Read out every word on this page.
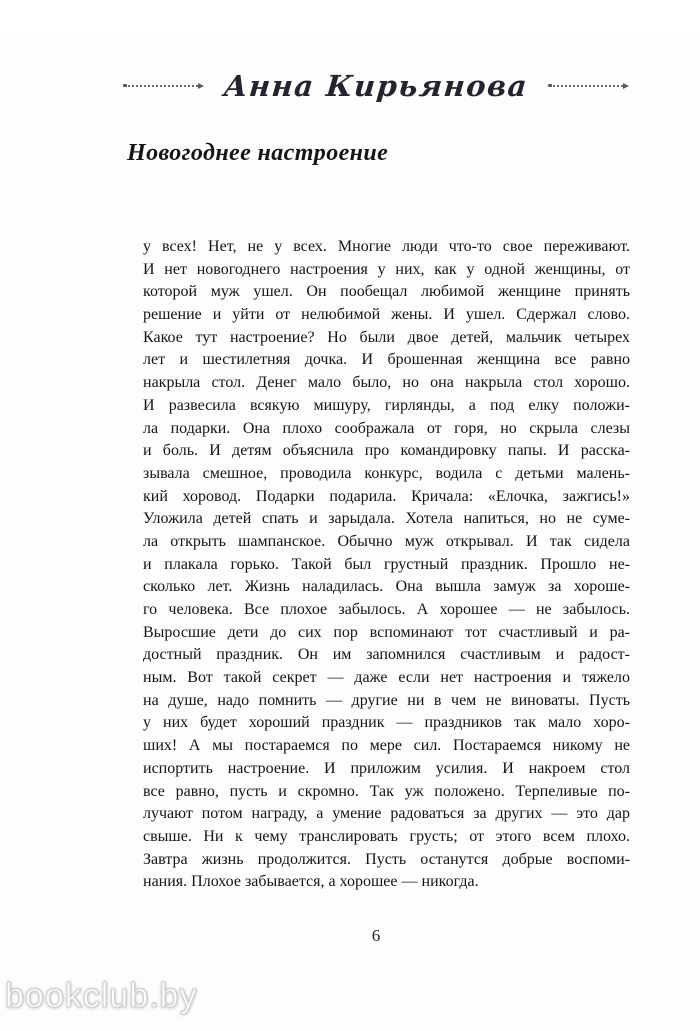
Анна Кирьянова
Новогоднее настроение
у всех! Нет, не у всех. Многие люди что-то свое переживают.
И нет новогоднего настроения у них, как у одной женщины, от
которой муж ушел. Он пообещал любимой женщине принять
решение и уйти от нелюбимой жены. И ушел. Сдержал слово.
Какое тут настроение? Но были двое детей, мальчик четырех
лет и шестилетняя дочка. И брошенная женщина все равно
накрыла стол. Денег мало было, но она накрыла стол хорошо.
И развесила всякую мишуру, гирлянды, а под елку положи-
ла подарки. Она плохо соображала от горя, но скрыла слезы
и боль. И детям объяснила про командировку папы. И расска-
зывала смешное, проводила конкурс, водила с детьми малень-
кий хоровод. Подарки подарила. Кричала: «Елочка, зажгись!»
Уложила детей спать и зарыдала. Хотела напиться, но не суме-
ла открыть шампанское. Обычно муж открывал. И так сидела
и плакала горько. Такой был грустный праздник. Прошло не-
сколько лет. Жизнь наладилась. Она вышла замуж за хороше-
го человека. Все плохое забылось. А хорошее — не забылось.
Выросшие дети до сих пор вспоминают тот счастливый и ра-
достный праздник. Он им запомнился счастливым и радост-
ным. Вот такой секрет — даже если нет настроения и тяжело
на душе, надо помнить — другие ни в чем не виноваты. Пусть
у них будет хороший праздник — праздников так мало хоро-
ших! А мы постараемся по мере сил. Постараемся никому не
испортить настроение. И приложим усилия. И накроем стол
все равно, пусть и скромно. Так уж положено. Терпеливые по-
лучают потом награду, а умение радоваться за других — это дар
свыше. Ни к чему транслировать грусть; от этого всем плохо.
Завтра жизнь продолжится. Пусть останутся добрые воспоми-
нания. Плохое забывается, а хорошее — никогда.
6
bookclub.by
